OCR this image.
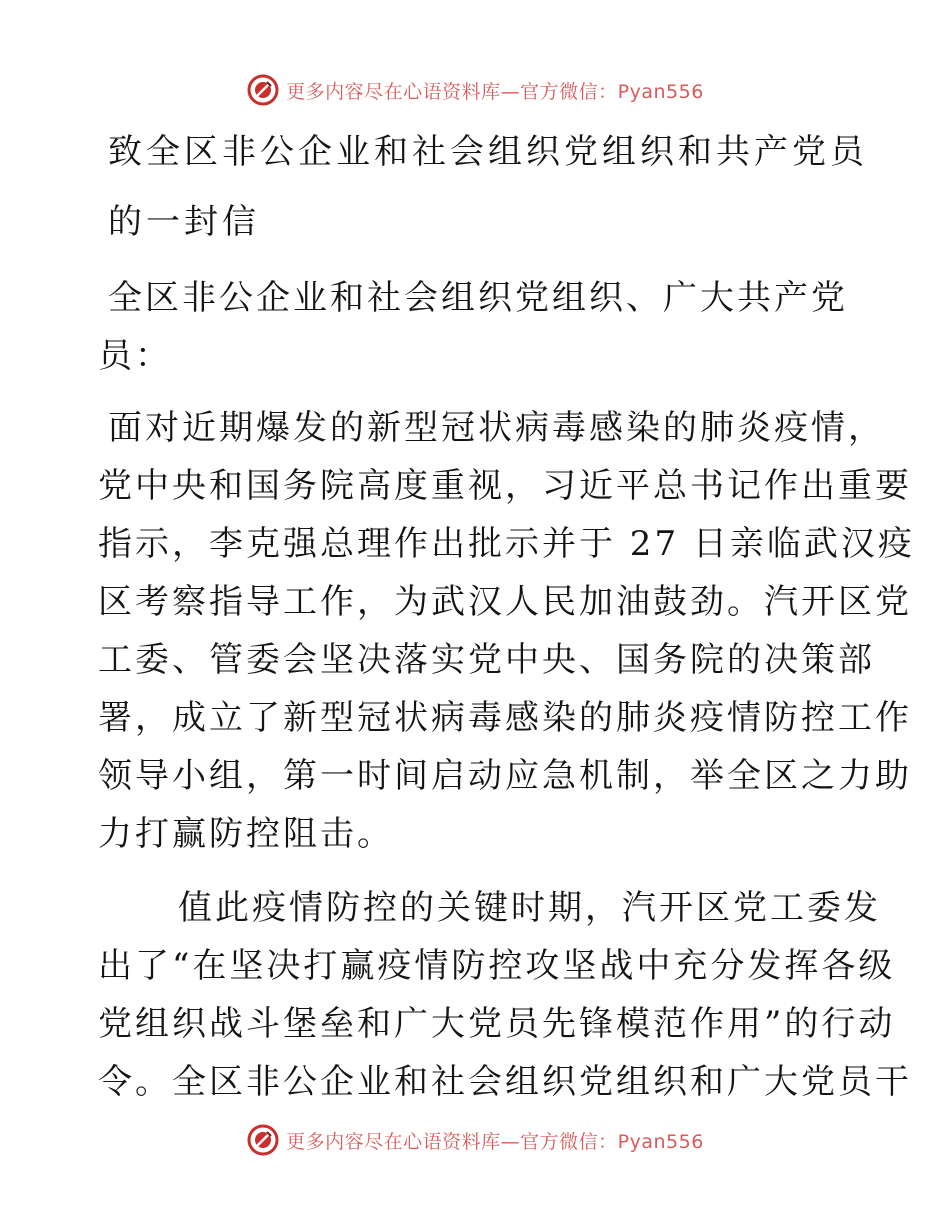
更多内容尽在心语资料库—官方微信：Pyan556
致全区非公企业和社会组织党组织和共产党员
的一封信
全区非公企业和社会组织党组织、广大共产党
员：
面对近期爆发的新型冠状病毒感染的肺炎疫情，
党中央和国务院高度重视，习近平总书记作出重要
指示，李克强总理作出批示并于 27 日亲临武汉疫
区考察指导工作，为武汉人民加油鼓劲。汽开区党
工委、管委会坚决落实党中央、国务院的决策部
署，成立了新型冠状病毒感染的肺炎疫情防控工作
领导小组，第一时间启动应急机制，举全区之力助
力打赢防控阻击。
值此疫情防控的关键时期，汽开区党工委发
出了“在坚决打赢疫情防控攻坚战中充分发挥各级
党组织战斗堡垒和广大党员先锋模范作用”的行动
令。全区非公企业和社会组织党组织和广大党员干
更多内容尽在心语资料库—官方微信：Pyan556
